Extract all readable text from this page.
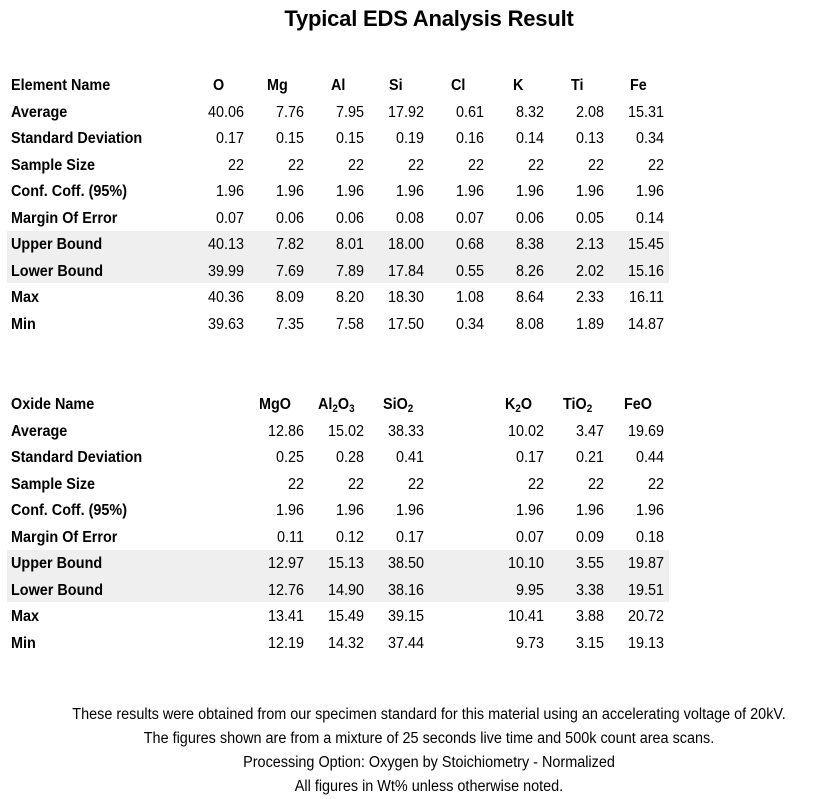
Typical EDS Analysis Result
Element Name	O	Mg	Al	Si	Cl	K	Ti	Fe
Average	40.06	7.76	7.95	17.92	0.61	8.32	2.08	15.31
Standard Deviation	0.17	0.15	0.15	0.19	0.16	0.14	0.13	0.34
Sample Size	22	22	22	22	22	22	22	22
Conf. Coff. (95%)	1.96	1.96	1.96	1.96	1.96	1.96	1.96	1.96
Margin Of Error	0.07	0.06	0.06	0.08	0.07	0.06	0.05	0.14
Upper Bound	40.13	7.82	8.01	18.00	0.68	8.38	2.13	15.45
Lower Bound	39.99	7.69	7.89	17.84	0.55	8.26	2.02	15.16
Max	40.36	8.09	8.20	18.30	1.08	8.64	2.33	16.11
Min	39.63	7.35	7.58	17.50	0.34	8.08	1.89	14.87
Oxide Name	MgO $Al_2O_3$ SiO$_2$	$K_2O$ TiO$_2$ FeO
Average	12.86	15.02	38.33	10.02	3.47	19.69
Standard Deviation	0.25	0.28	0.41	0.17	0.21	0.44
Sample Size	22	22	22	22	22	22
Conf. Coff. (95%)	1.96	1.96	1.96	1.96	1.96	1.96
Margin Of Error	0.11	0.12	0.17	0.07	0.09	0.18
Upper Bound	12.97	15.13	38.50	10.10	3.55	19.87
Lower Bound	12.76	14.90	38.16	9.95	3.38	19.51
Max	13.41	15.49	39.15	10.41	3.88	20.72
Min	12.19	14.32	37.44	9.73	3.15	19.13
These results were obtained from our specimen standard for this material using an accelerating voltage of 20kV.
The figures shown are from a mixture of 25 seconds live time and 500k count area scans.
Processing Option: Oxygen by Stoichiometry - Normalized
All figures in Wt% unless otherwise noted.
